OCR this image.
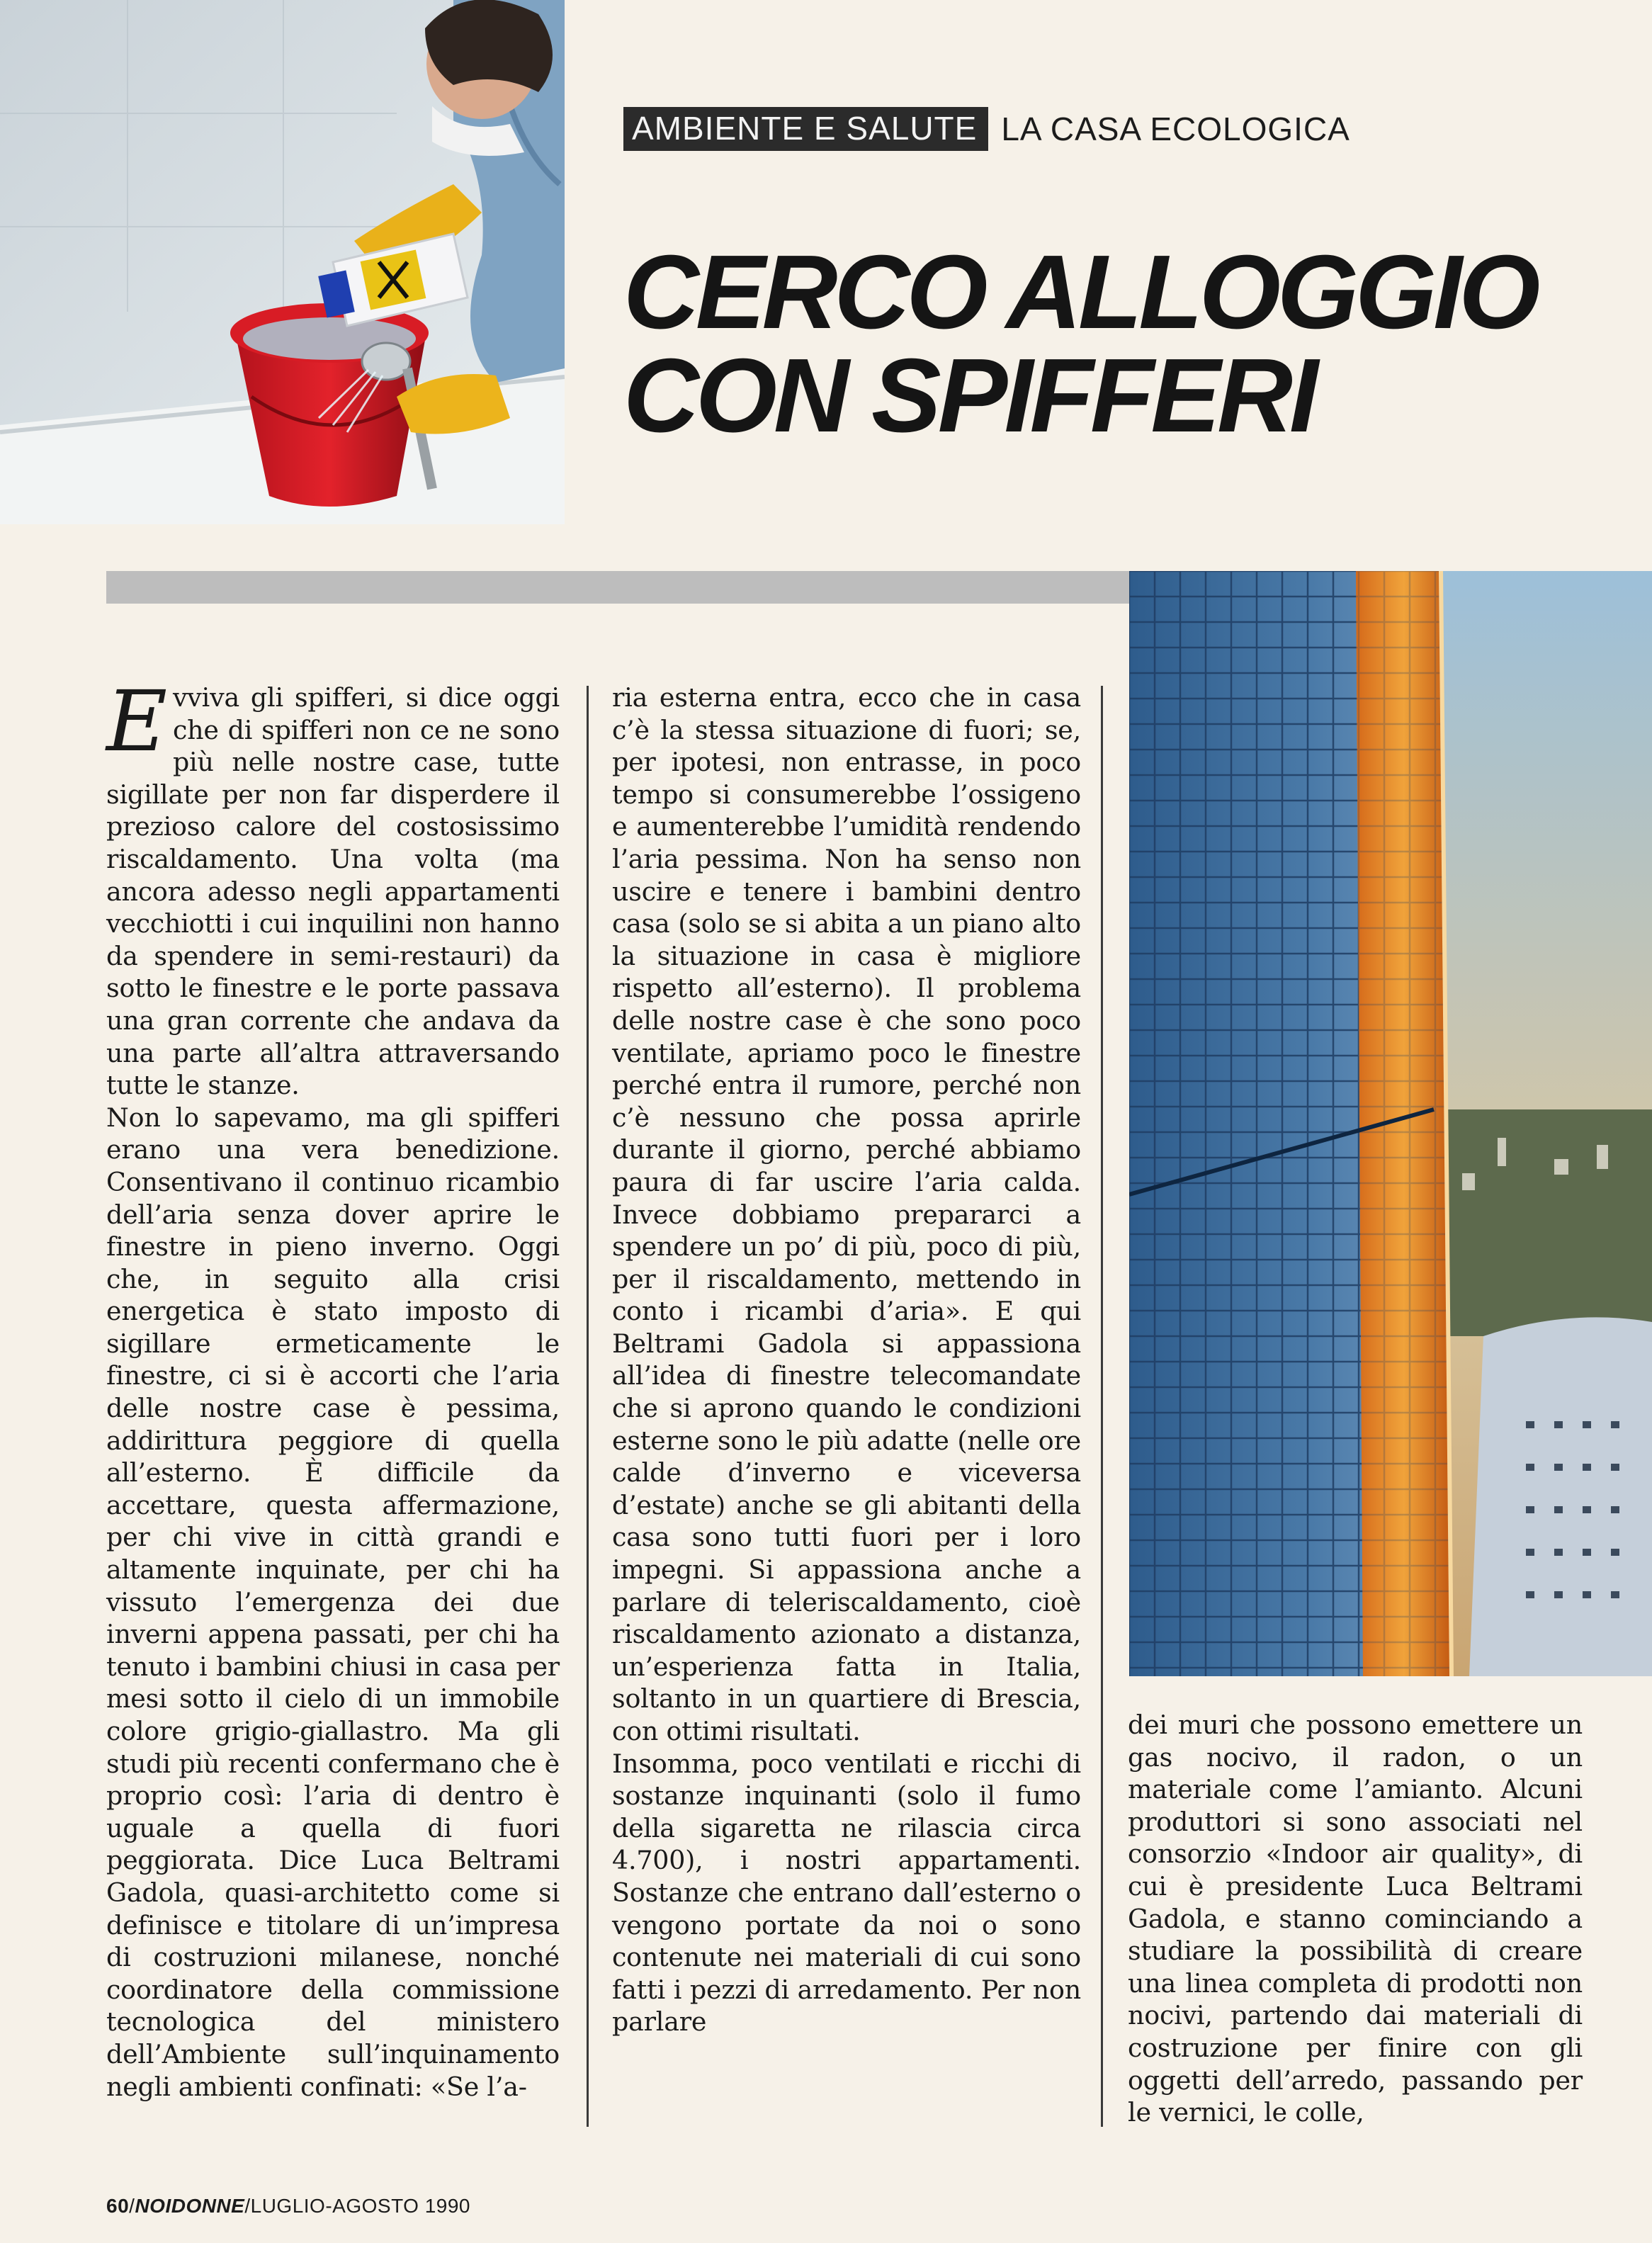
AMBIENTE E SALUTE LA CASA ECOLOGICA
CERCO ALLOGGIO
CON SPIFFERI

Evviva gli spifferi, si dice oggi che di spifferi non ce ne sono più nelle nostre case, tutte sigillate per non far disperdere il prezioso calore del costosissimo riscaldamento. Una volta (ma ancora adesso negli appartamenti vecchiotti i cui inquilini non hanno da spendere in semi-restauri) da sotto le finestre e le porte passava una gran corrente che andava da una parte all’altra attraversando tutte le stanze.

Non lo sapevamo, ma gli spifferi erano una vera benedizione. Consentivano il continuo ricambio dell’aria senza dover aprire le finestre in pieno inverno. Oggi che, in seguito alla crisi energetica è stato imposto di sigillare ermeticamente le finestre, ci si è accorti che l’aria delle nostre case è pessima, addirittura peggiore di quella all’esterno. È difficile da accettare, questa affermazione, per chi vive in città grandi e altamente inquinate, per chi ha vissuto l’emergenza dei due inverni appena passati, per chi ha tenuto i bambini chiusi in casa per mesi sotto il cielo di un immobile colore grigio-giallastro. Ma gli studi più recenti confermano che è proprio così: l’aria di dentro è uguale a quella di fuori peggiorata. Dice Luca Beltrami Gadola, quasi-architetto come si definisce e titolare di un’impresa di costruzioni milanese, nonché coordinatore della commissione tecnologica del ministero dell’Ambiente sull’inquinamento negli ambienti confinati: «Se l’a-

ria esterna entra, ecco che in casa c’è la stessa situazione di fuori; se, per ipotesi, non entrasse, in poco tempo si consumerebbe l’ossigeno e aumenterebbe l’umidità rendendo l’aria pessima. Non ha senso non uscire e tenere i bambini dentro casa (solo se si abita a un piano alto la situazione in casa è migliore rispetto all’esterno). Il problema delle nostre case è che sono poco ventilate, apriamo poco le finestre perché entra il rumore, perché non c’è nessuno che possa aprirle durante il giorno, perché abbiamo paura di far uscire l’aria calda. Invece dobbiamo prepararci a spendere un po’ di più, poco di più, per il riscaldamento, mettendo in conto i ricambi d’aria». E qui Beltrami Gadola si appassiona all’idea di finestre telecomandate che si aprono quando le condizioni esterne sono le più adatte (nelle ore calde d’inverno e viceversa d’estate) anche se gli abitanti della casa sono tutti fuori per i loro impegni. Si appassiona anche a parlare di teleriscaldamento, cioè riscaldamento azionato a distanza, un’esperienza fatta in Italia, soltanto in un quartiere di Brescia, con ottimi risultati.

Insomma, poco ventilati e ricchi di sostanze inquinanti (solo il fumo della sigaretta ne rilascia circa 4.700), i nostri appartamenti. Sostanze che entrano dall’esterno o vengono portate da noi o sono contenute nei materiali di cui sono fatti i pezzi di arredamento. Per non parlare

dei muri che possono emettere un gas nocivo, il radon, o un materiale come l’amianto. Alcuni produttori si sono associati nel consorzio «Indoor air quality», di cui è presidente Luca Beltrami Gadola, e stanno cominciando a studiare la possibilità di creare una linea completa di prodotti non nocivi, partendo dai materiali di costruzione per finire con gli oggetti dell’arredo, passando per le vernici, le colle,

60/NOIDONNE/LUGLIO-AGOSTO 1990
